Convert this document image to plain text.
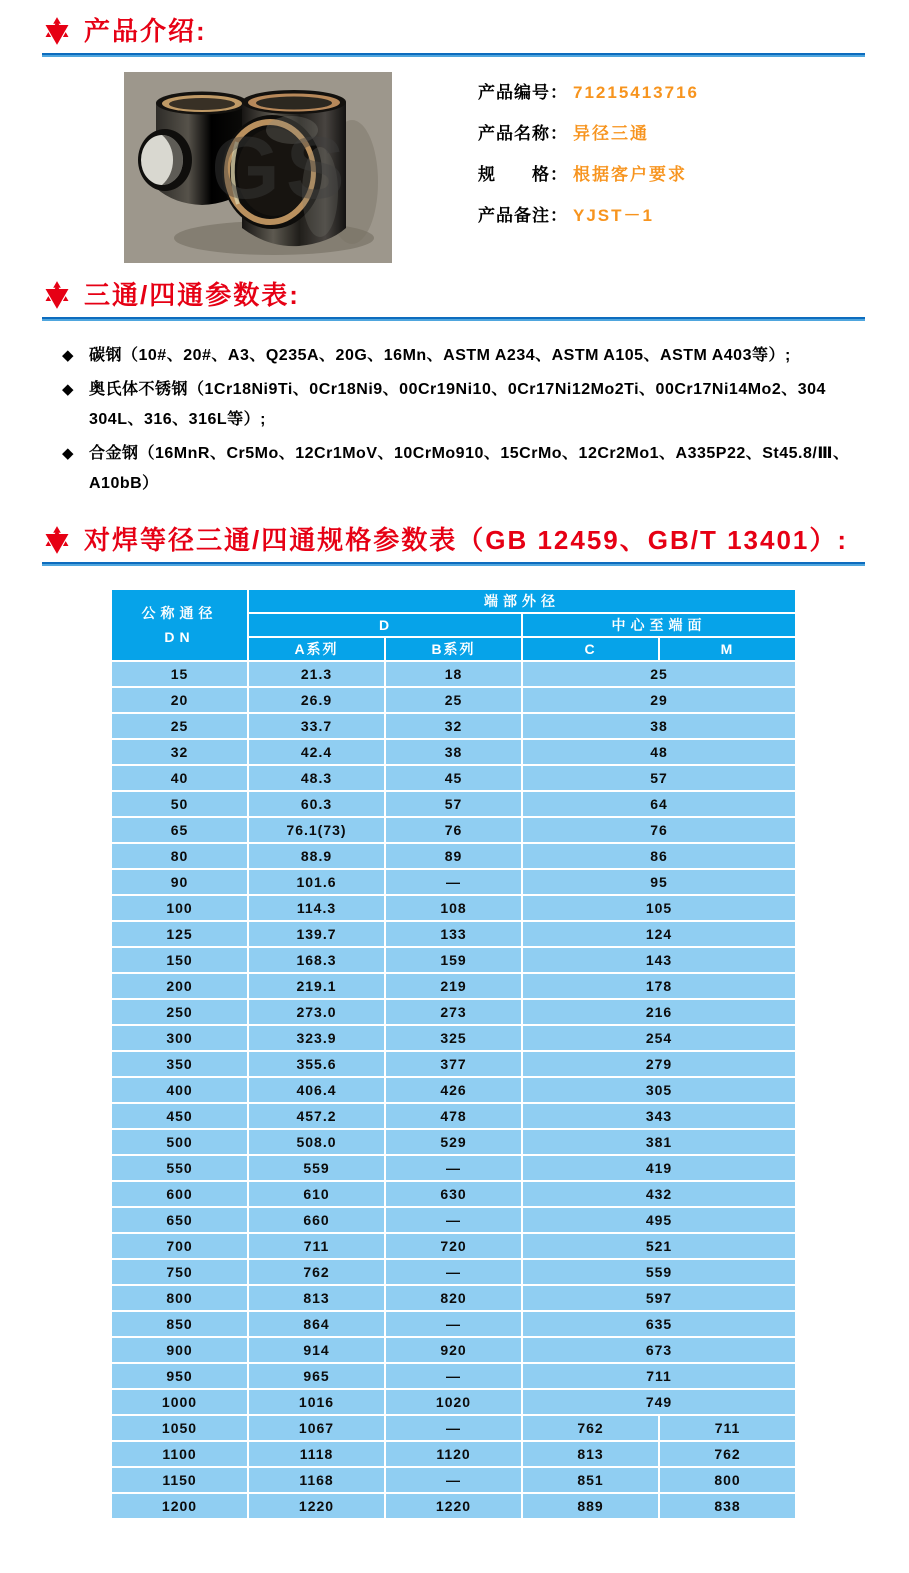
产品介绍:
GS
产品编号： 71215413716
产品名称： 异径三通
规　　格： 根据客户要求
产品备注： YJST－1
三通/四通参数表:
◆ 碳钢（10#、20#、A3、Q235A、20G、16Mn、ASTM A234、ASTM A105、ASTM A403等）;
◆ 奥氏体不锈钢（1Cr18Ni9Ti、0Cr18Ni9、00Cr19Ni10、0Cr17Ni12Mo2Ti、00Cr17Ni14Mo2、304
304L、316、316L等）;
◆ 合金钢（16MnR、Cr5Mo、12Cr1MoV、10CrMo910、15CrMo、12Cr2Mo1、A335P22、St45.8/Ⅲ、
A10bB）
对焊等径三通/四通规格参数表（GB 12459、GB/T 13401）:
公称通径
DN	端部外径			
	D		中心至端面	
	A系列	B系列	C	M
15	21.3	18	25	
20	26.9	25	29	
25	33.7	32	38	
32	42.4	38	48	
40	48.3	45	57	
50	60.3	57	64	
65	76.1(73)	76	76	
80	88.9	89	86	
90	101.6	—	95	
100	114.3	108	105	
125	139.7	133	124	
150	168.3	159	143	
200	219.1	219	178	
250	273.0	273	216	
300	323.9	325	254	
350	355.6	377	279	
400	406.4	426	305	
450	457.2	478	343	
500	508.0	529	381	
550	559	—	419	
600	610	630	432	
650	660	—	495	
700	711	720	521	
750	762	—	559	
800	813	820	597	
850	864	—	635	
900	914	920	673	
950	965	—	711	
1000	1016	1020	749	
1050	1067	—	762	711
1100	1118	1120	813	762
1150	1168	—	851	800
1200	1220	1220	889	838
